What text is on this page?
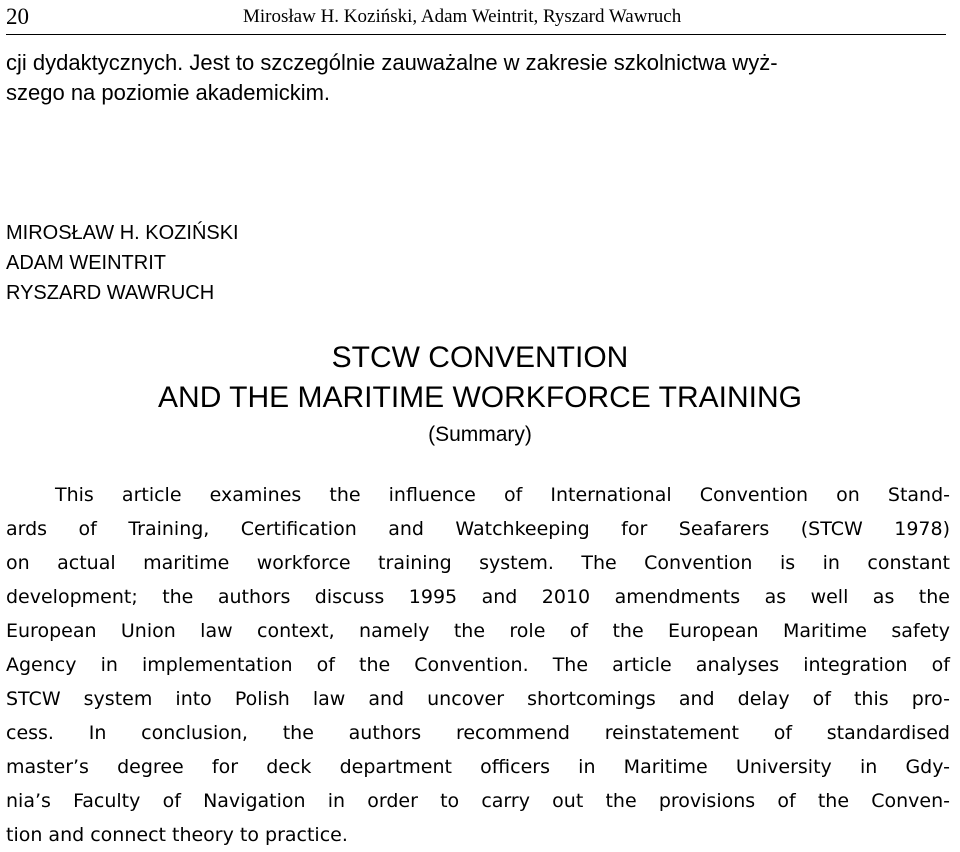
20	Mirosław H. Koziński, Adam Weintrit, Ryszard Wawruch

cji dydaktycznych. Jest to szczególnie zauważalne w zakresie szkolnictwa wyż-
szego na poziomie akademickim.

MIROSŁAW H. KOZIŃSKI
ADAM WEINTRIT
RYSZARD WAWRUCH
STCW CONVENTION
AND THE MARITIME WORKFORCE TRAINING
(Summary)
This article examines the influence of International Convention on Stand-
ards of Training, Certification and Watchkeeping for Seafarers (STCW 1978)
on actual maritime workforce training system. The Convention is in constant
development; the authors discuss 1995 and 2010 amendments as well as the
European Union law context, namely the role of the European Maritime safety
Agency in implementation of the Convention. The article analyses integration of
STCW system into Polish law and uncover shortcomings and delay of this pro-
cess. In conclusion, the authors recommend reinstatement of standardised
master’s degree for deck department officers in Maritime University in Gdy-
nia’s Faculty of Navigation in order to carry out the provisions of the Conven-
tion and connect theory to practice.
